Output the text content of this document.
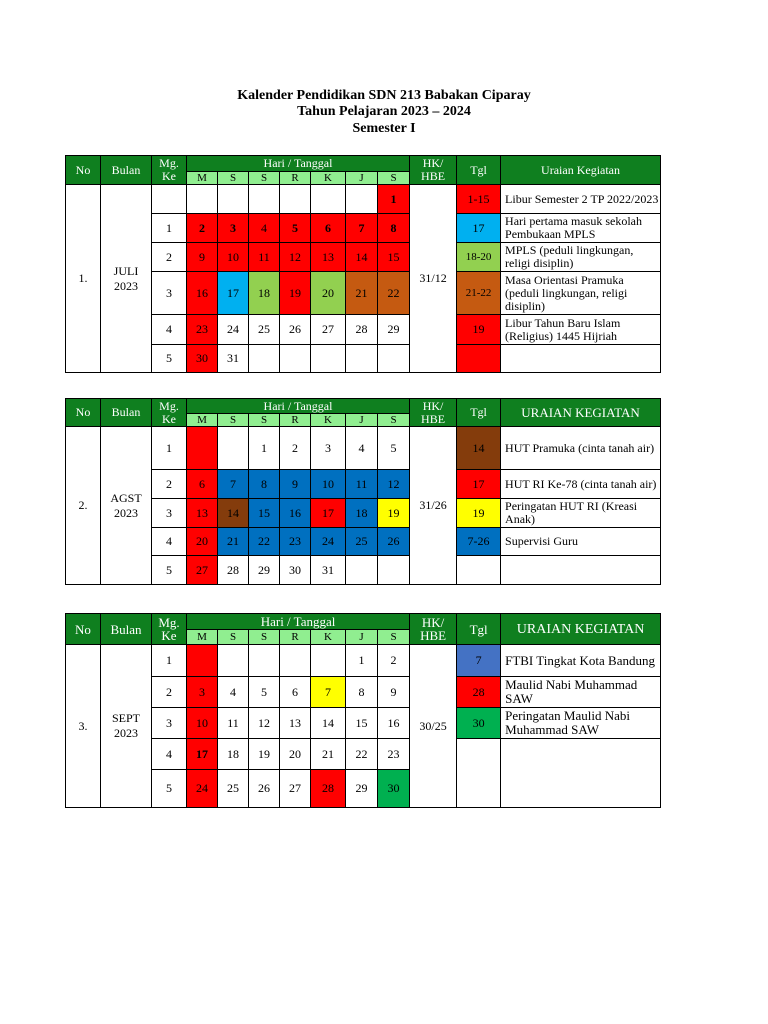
Kalender Pendidikan SDN 213 Babakan Ciparay
Tahun Pelajaran 2023 – 2024
Semester I
No	Bulan	Mg. Ke	Hari / Tanggal							HK/ HBE	Tgl	Uraian Kegiatan
			M	S	S	R	K	J	S			
1.	JULI 2023								1	31/12	1-15	Libur Semester 2 TP 2022/2023
		1	2	3	4	5	6	7	8		17	Hari pertama masuk sekolah Pembukaan MPLS
		2	9	10	11	12	13	14	15		18-20	MPLS (peduli lingkungan, religi disiplin)
		3	16	17	18	19	20	21	22		21-22	Masa Orientasi Pramuka (peduli lingkungan, religi disiplin)
		4	23	24	25	26	27	28	29		19	Libur Tahun Baru Islam (Religius) 1445 Hijriah
		5	30	31								
No	Bulan	Mg. Ke	Hari / Tanggal							HK/ HBE	Tgl	URAIAN KEGIATAN
			M	S	S	R	K	J	S			
2.	AGST 2023	1			1	2	3	4	5	31/26	14	HUT Pramuka (cinta tanah air)
		2	6	7	8	9	10	11	12		17	HUT RI Ke-78 (cinta tanah air)
		3	13	14	15	16	17	18	19		19	Peringatan HUT RI (Kreasi Anak)
		4	20	21	22	23	24	25	26		7-26	Supervisi Guru
		5	27	28	29	30	31					
No	Bulan	Mg. Ke	Hari / Tanggal							HK/ HBE	Tgl	URAIAN KEGIATAN
			M	S	S	R	K	J	S			
3.	SEPT 2023	1						1	2	30/25	7	FTBI Tingkat Kota Bandung
		2	3	4	5	6	7	8	9		28	Maulid Nabi Muhammad SAW
		3	10	11	12	13	14	15	16		30	Peringatan Maulid Nabi Muhammad SAW
		4	17	18	19	20	21	22	23			
		5	24	25	26	27	28	29	30			
